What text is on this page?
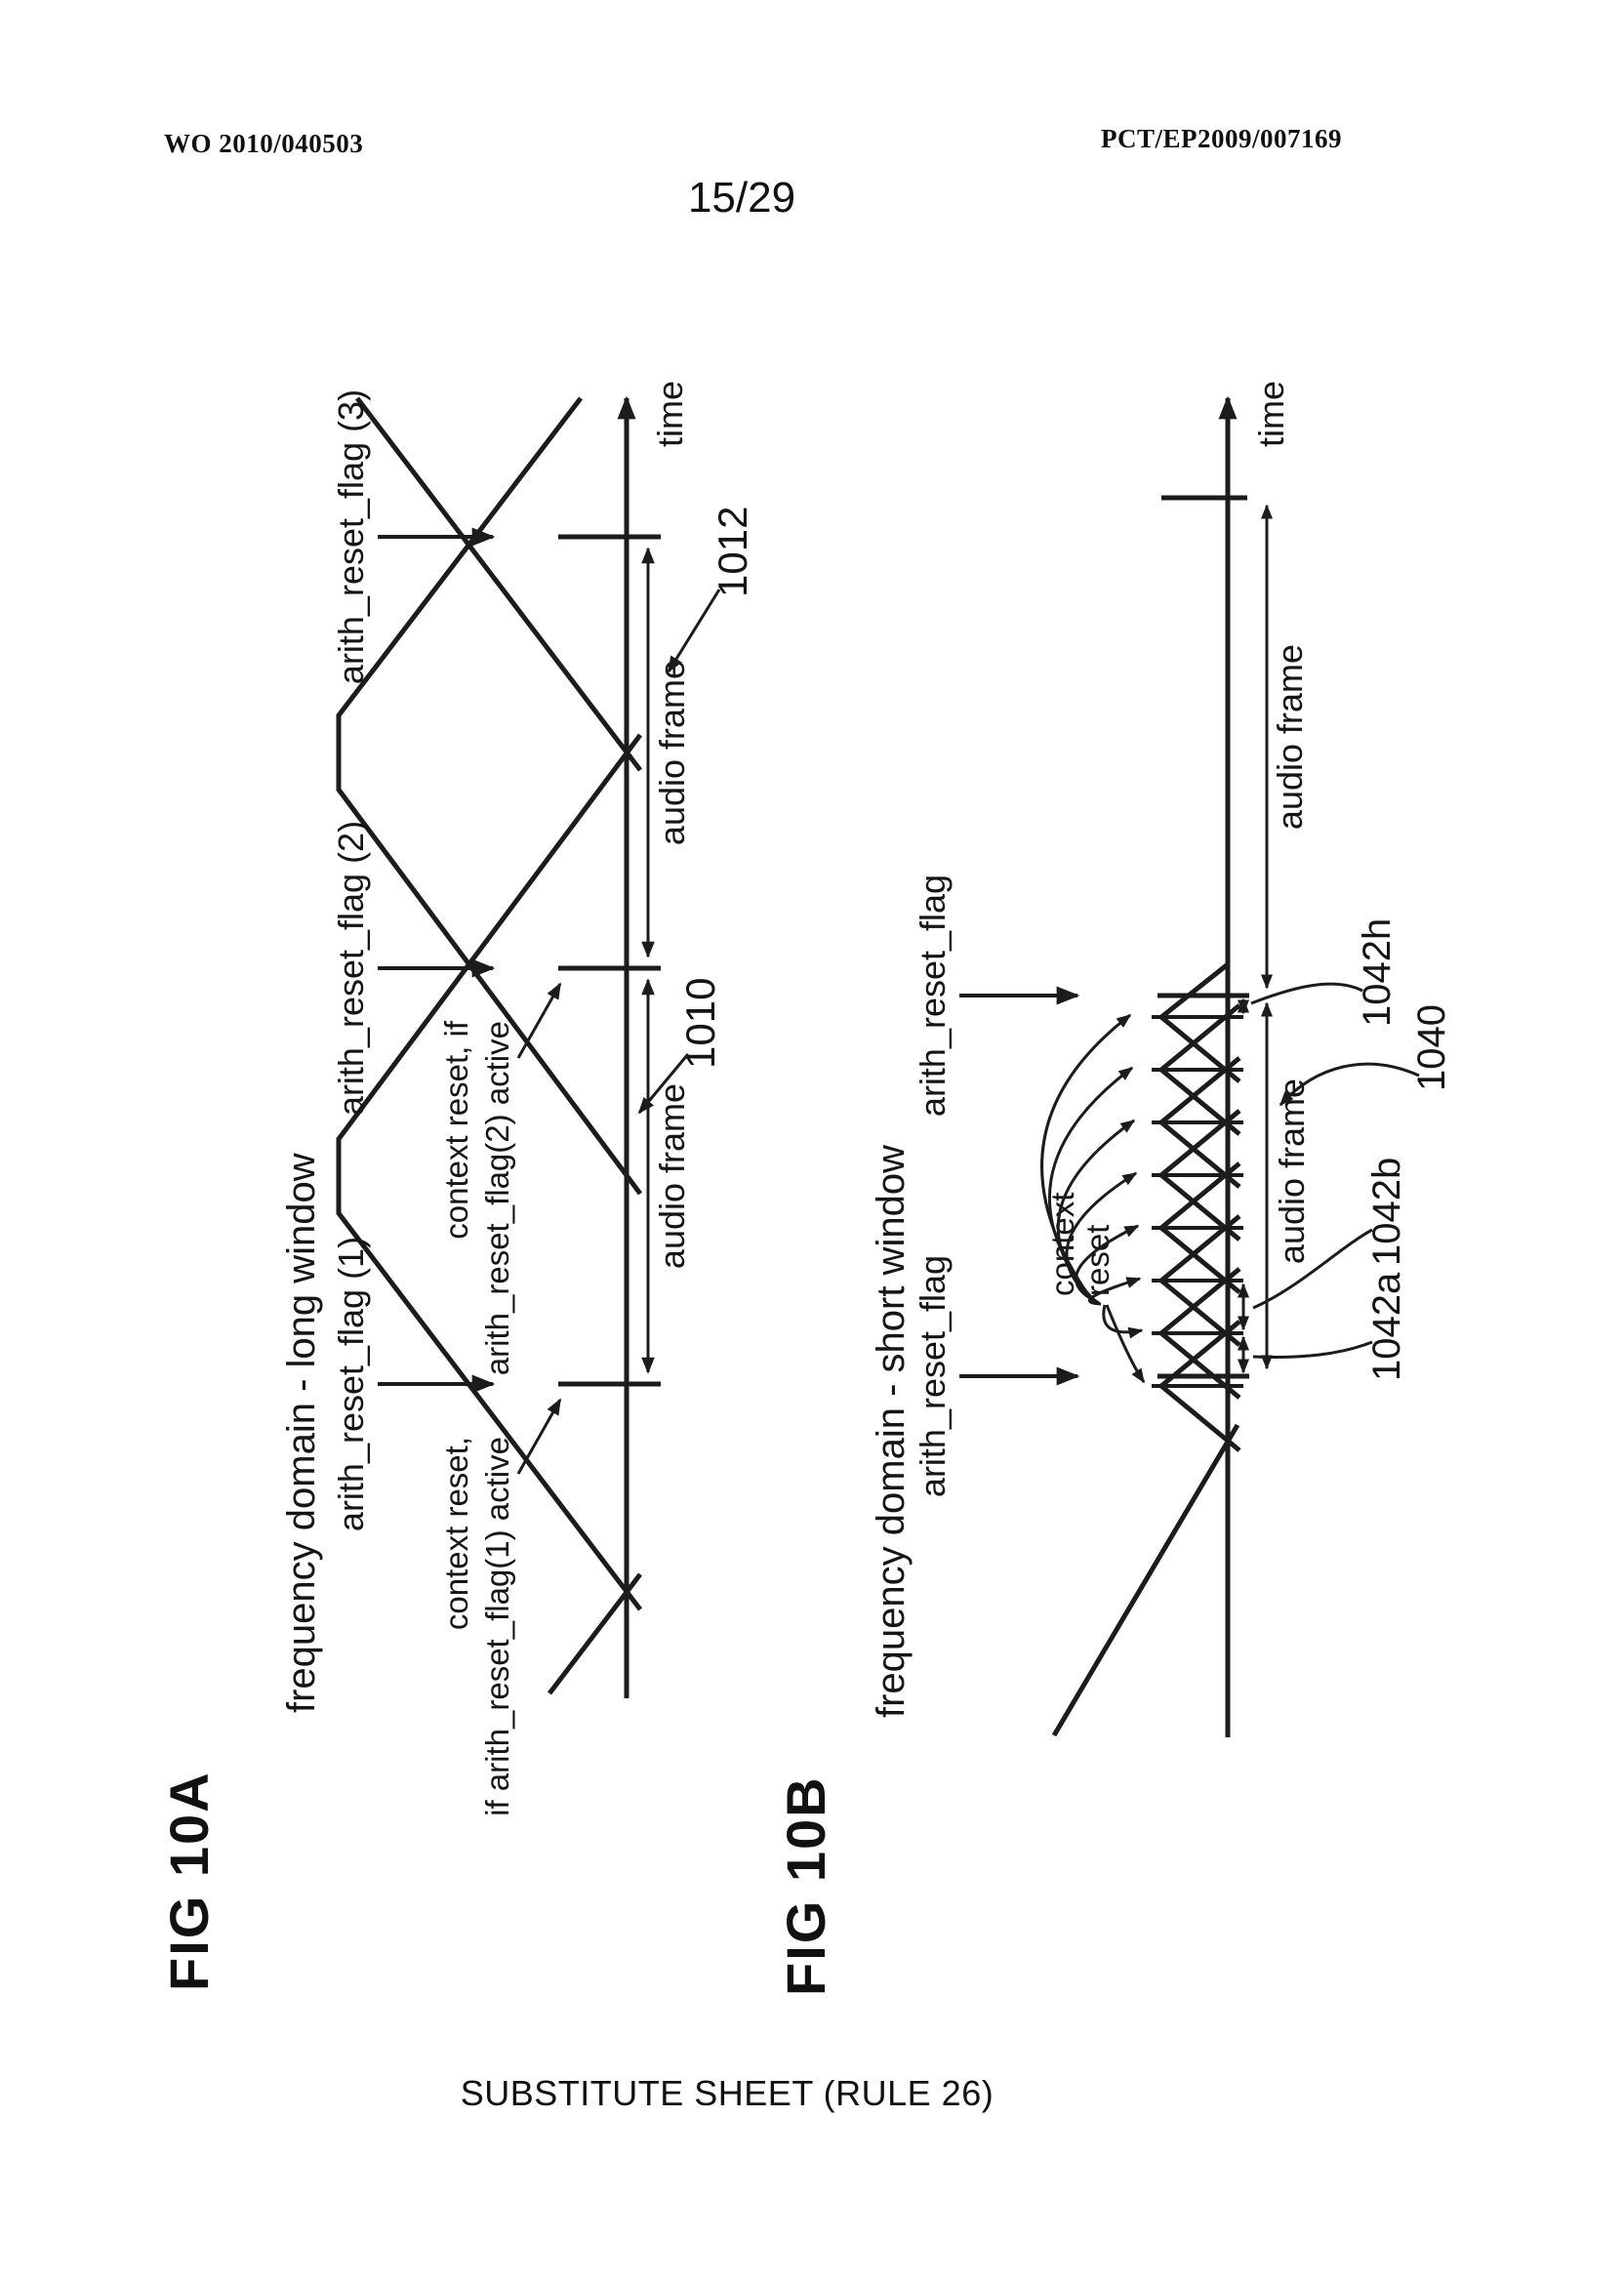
WO 2010/040503	PCT/EP2009/007169
15/29
frequency domain - long window
time
arith_reset_flag (1)
arith_reset_flag (2)
arith_reset_flag (3)
context reset, if arith_reset_flag(1) active
context reset, if arith_reset_flag(2) active	audio frame
audio frame
1010
1012
frequency domain - short window
time
arith_reset_flag
arith_reset_flag
context reset	audio frame
audio frame
1042a
1042b
1042h
1040
FIG 10A	FIG 10B
SUBSTITUTE SHEET (RULE 26)
